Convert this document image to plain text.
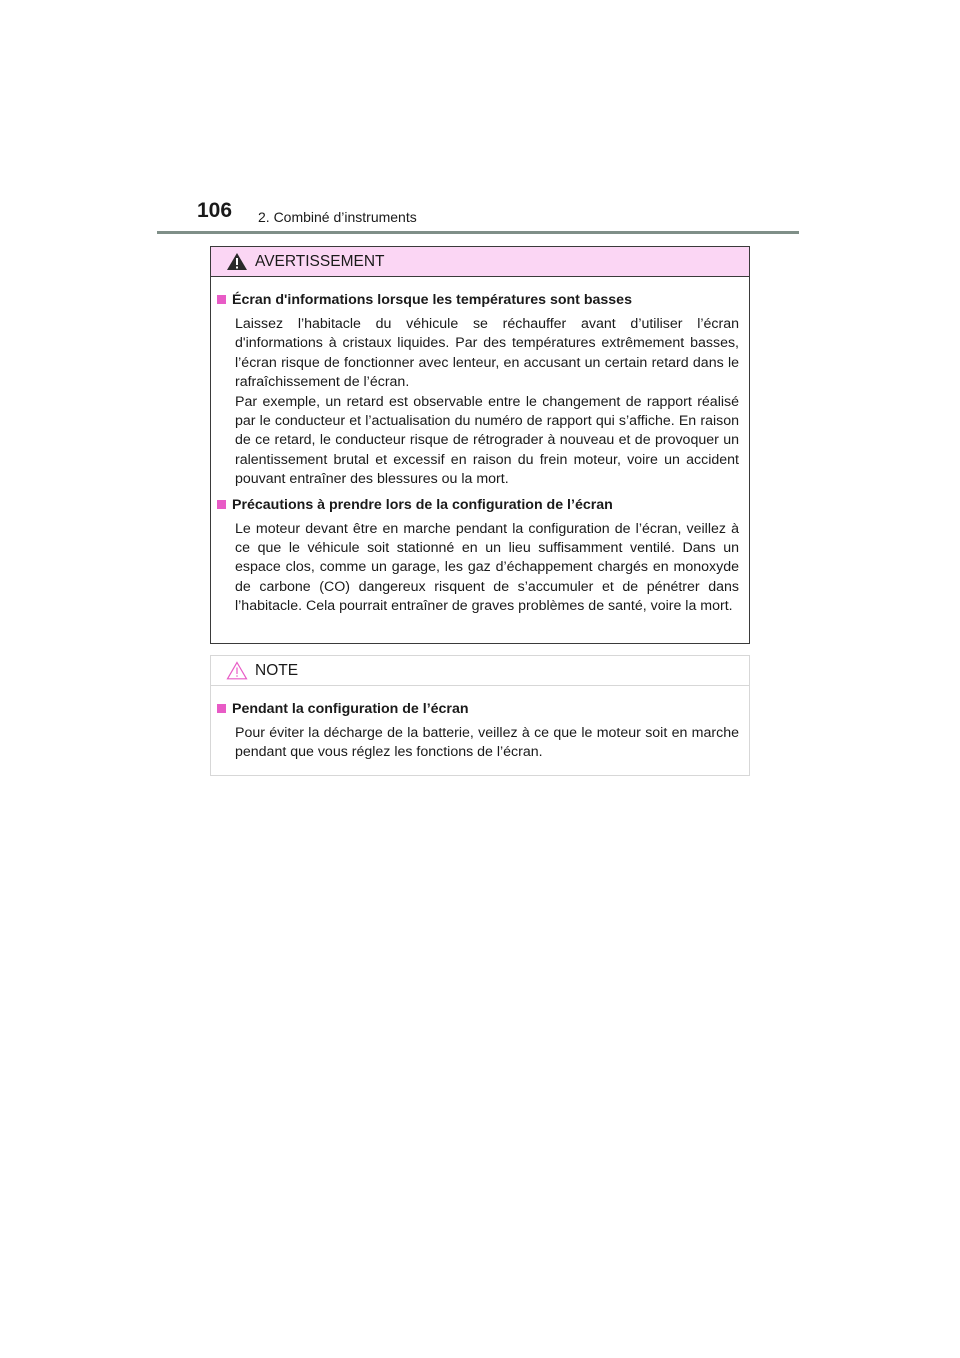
106 2. Combiné d’instruments
AVERTISSEMENT
Écran d'informations lorsque les températures sont basses
Laissez l’habitacle du véhicule se réchauffer avant d’utiliser l’écran d'informations à cristaux liquides. Par des températures extrêmement basses, l’écran risque de fonctionner avec lenteur, en accusant un certain retard dans le rafraîchissement de l’écran.
Par exemple, un retard est observable entre le changement de rapport réalisé par le conducteur et l’actualisation du numéro de rapport qui s’affiche. En raison de ce retard, le conducteur risque de rétrograder à nouveau et de provoquer un ralentissement brutal et excessif en raison du frein moteur, voire un accident pouvant entraîner des blessures ou la mort.
Précautions à prendre lors de la configuration de l’écran
Le moteur devant être en marche pendant la configuration de l’écran, veillez à ce que le véhicule soit stationné en un lieu suffisamment ventilé. Dans un espace clos, comme un garage, les gaz d’échappement chargés en monoxyde de carbone (CO) dangereux risquent de s’accumuler et de pénétrer dans l’habitacle. Cela pourrait entraîner de graves problèmes de santé, voire la mort.
NOTE
Pendant la configuration de l’écran
Pour éviter la décharge de la batterie, veillez à ce que le moteur soit en marche pendant que vous réglez les fonctions de l’écran.
